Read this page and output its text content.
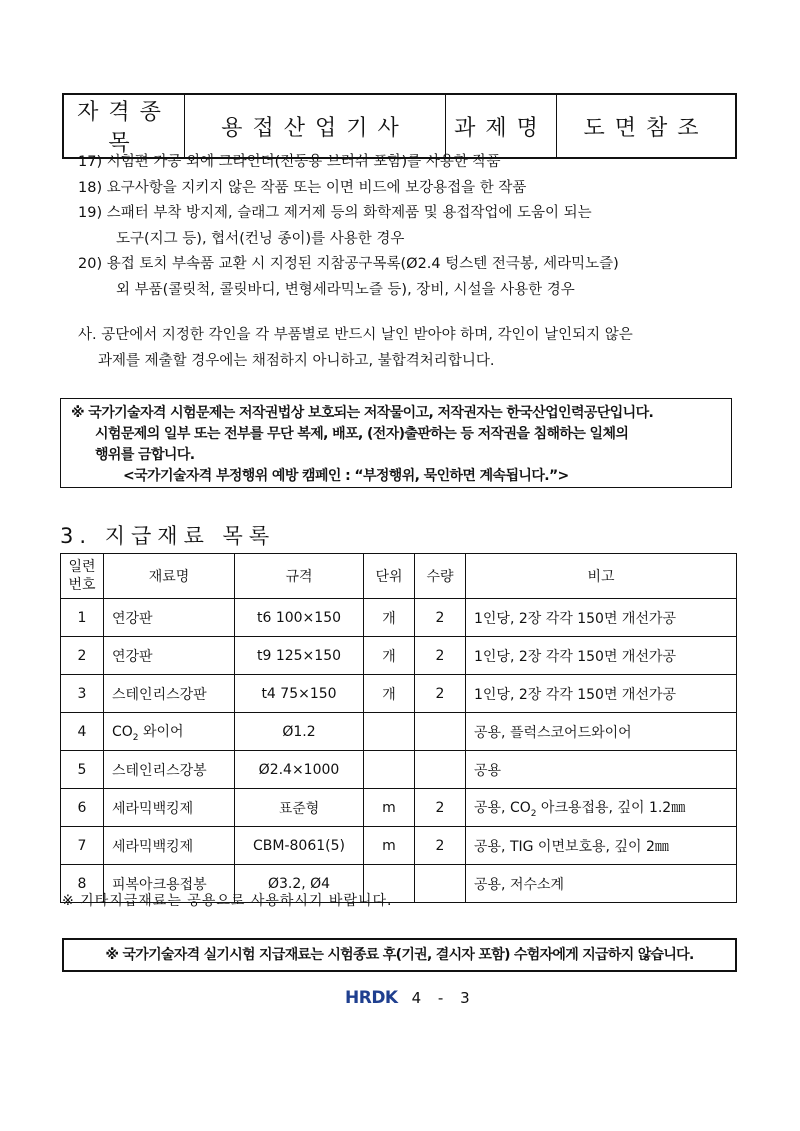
자격종목	용접산업기사	과제명	도면참조
17) 시험편 가공 외에 그라인더(전동용 브러쉬 포함)를 사용한 작품
18) 요구사항을 지키지 않은 작품 또는 이면 비드에 보강용접을 한 작품
19) 스패터 부착 방지제, 슬래그 제거제 등의 화학제품 및 용접작업에 도움이 되는
도구(지그 등), 협서(컨닝 종이)를 사용한 경우
20) 용접 토치 부속품 교환 시 지정된 지참공구목록(Ø2.4 텅스텐 전극봉, 세라믹노즐)
외 부품(콜릿척, 콜릿바디, 변형세라믹노즐 등), 장비, 시설을 사용한 경우
사. 공단에서 지정한 각인을 각 부품별로 반드시 날인 받아야 하며, 각인이 날인되지 않은
과제를 제출할 경우에는 채점하지 아니하고, 불합격처리합니다.
※ 국가기술자격 시험문제는 저작권법상 보호되는 저작물이고, 저작권자는 한국산업인력공단입니다.
시험문제의 일부 또는 전부를 무단 복제, 배포, (전자)출판하는 등 저작권을 침해하는 일체의
행위를 금합니다.
<국가기술자격 부정행위 예방 캠페인 : “부정행위, 묵인하면 계속됩니다.”>
3. 지급재료 목록
일련
번호	재료명	규격	단위	수량	비고
1	연강판	t6 100×150	개	2	1인당, 2장 각각 150면 개선가공
2	연강판	t9 125×150	개	2	1인당, 2장 각각 150면 개선가공
3	스테인리스강판	t4 75×150	개	2	1인당, 2장 각각 150면 개선가공
4	$CO_2$ 와이어	Ø1.2			공용, 플럭스코어드와이어
5	스테인리스강봉	Ø2.4×1000			공용
6	세라믹백킹제	표준형	m	2	공용, $CO_2$ 아크용접용, 깊이 1.2㎜
7	세라믹백킹제	CBM-8061(5)	m	2	공용, TIG 이면보호용, 깊이 2㎜
8	피복아크용접봉	Ø3.2, Ø4			공용, 저수소계
※ 기타지급재료는 공용으로 사용하시기 바랍니다.
※ 국가기술자격 실기시험 지급재료는 시험종료 후(기권, 결시자 포함) 수험자에게 지급하지 않습니다.
HRDK 4 - 3
